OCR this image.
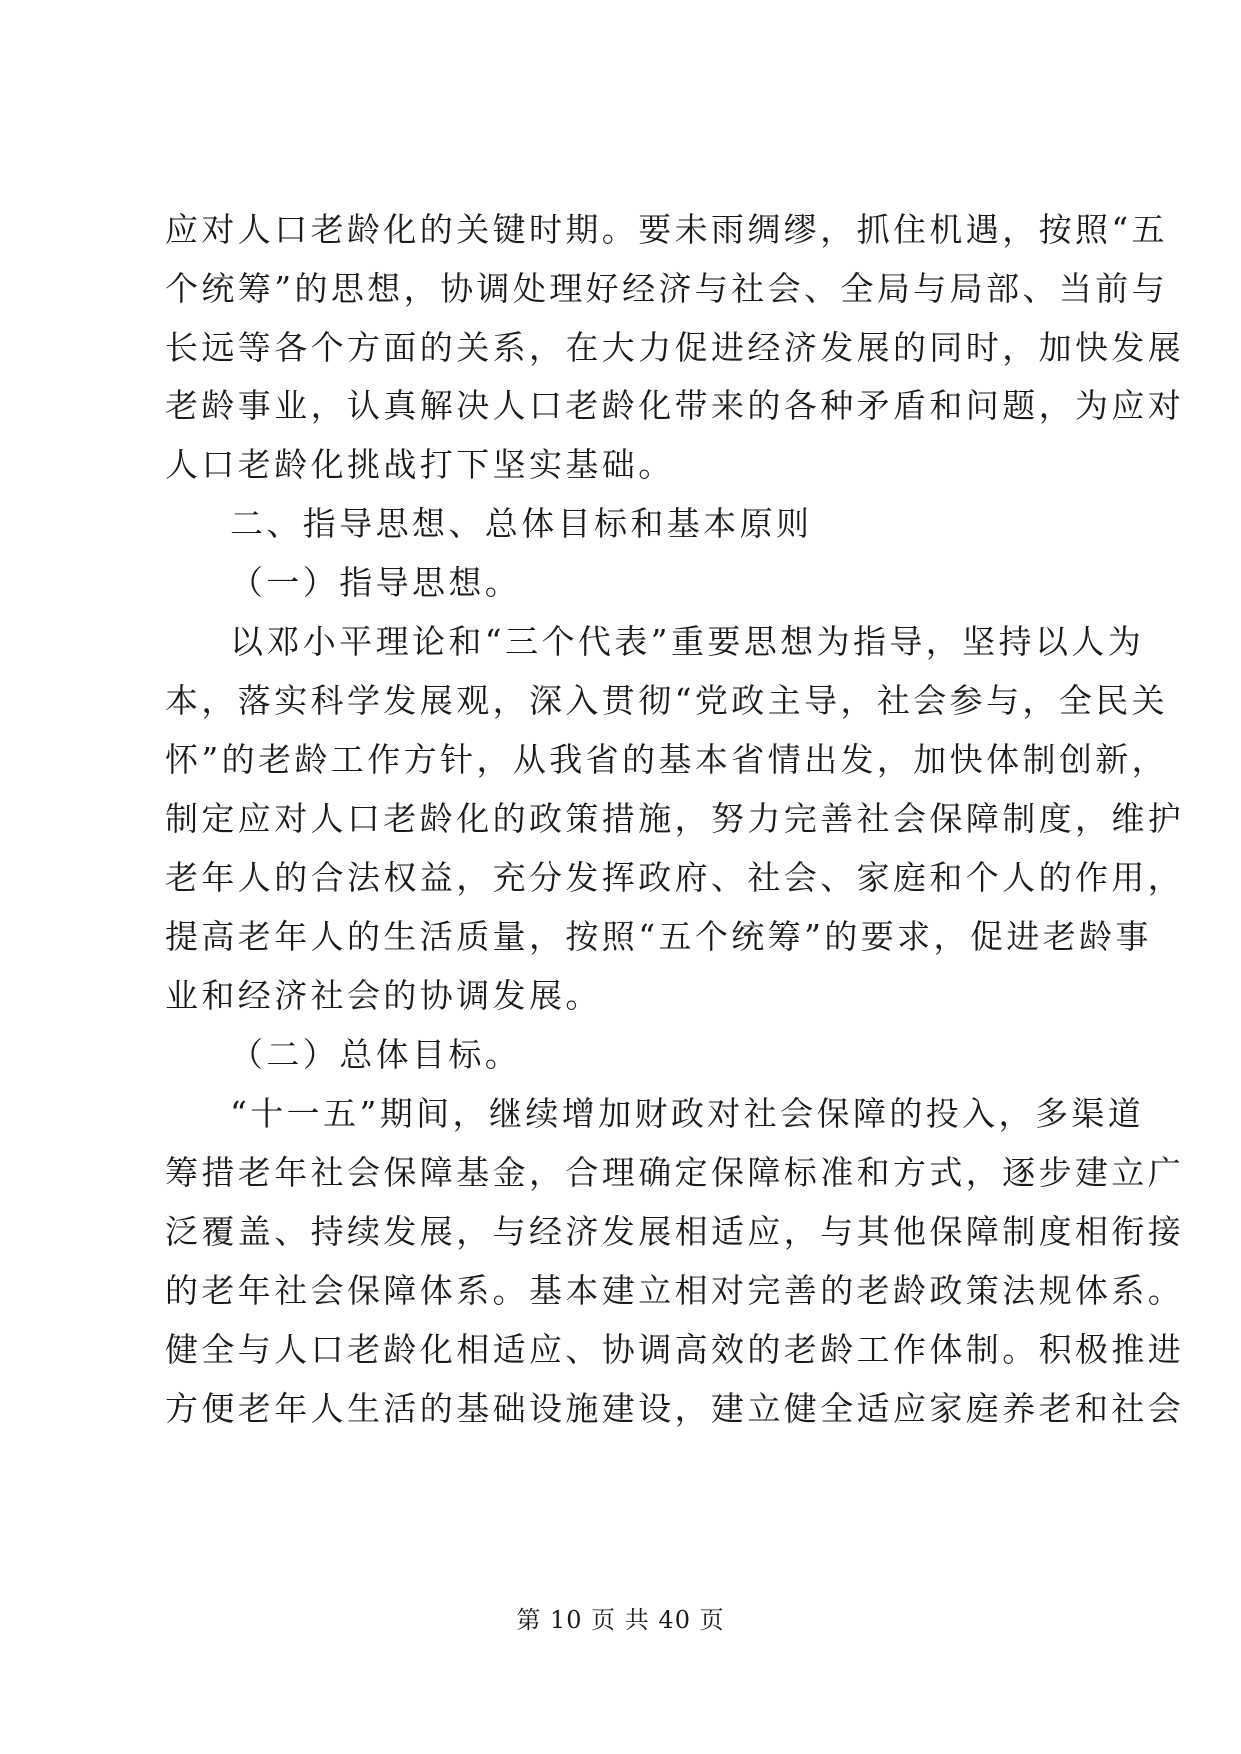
应对人口老龄化的关键时期。要未雨绸缪，抓住机遇，按照“五
个统筹”的思想，协调处理好经济与社会、全局与局部、当前与
长远等各个方面的关系，在大力促进经济发展的同时，加快发展
老龄事业，认真解决人口老龄化带来的各种矛盾和问题，为应对
人口老龄化挑战打下坚实基础。
二、指导思想、总体目标和基本原则
（一）指导思想。
以邓小平理论和“三个代表”重要思想为指导，坚持以人为
本，落实科学发展观，深入贯彻“党政主导，社会参与，全民关
怀”的老龄工作方针，从我省的基本省情出发，加快体制创新，
制定应对人口老龄化的政策措施，努力完善社会保障制度，维护
老年人的合法权益，充分发挥政府、社会、家庭和个人的作用，
提高老年人的生活质量，按照“五个统筹”的要求，促进老龄事
业和经济社会的协调发展。
（二）总体目标。
“十一五”期间，继续增加财政对社会保障的投入，多渠道
筹措老年社会保障基金，合理确定保障标准和方式，逐步建立广
泛覆盖、持续发展，与经济发展相适应，与其他保障制度相衔接
的老年社会保障体系。基本建立相对完善的老龄政策法规体系。
健全与人口老龄化相适应、协调高效的老龄工作体制。积极推进
方便老年人生活的基础设施建设，建立健全适应家庭养老和社会
第 10 页 共 40 页
